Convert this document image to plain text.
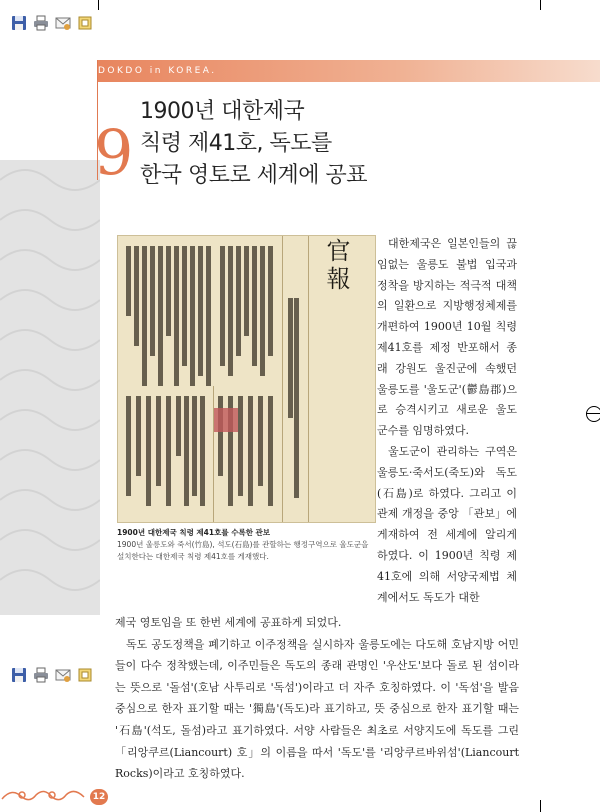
DOKDO in KOREA.
9
1900년 대한제국
칙령 제41호, 독도를
한국 영토로 세계에 공표
官報
1900년 대한제국 칙령 제41호를 수록한 관보
1900년 울릉도와 죽서(竹島), 석도(石島)를 관할하는 행정구역으로 울도군을
설치한다는 대한제국 칙령 제41호를 게재했다.
대한제국은 일본인들의 끊임없는 울릉도 불법 입국과 정착을 방지하는 적극적 대책의 일환으로 지방행정체제를 개편하여 1900년 10월 칙령 제41호를 제정 반포해서 종래 강원도 울진군에 속했던 울릉도를 '울도군'(鬱島郡)으로 승격시키고 새로운 울도 군수를 임명하였다.
울도군이 관리하는 구역은 울릉도·죽서도(죽도)와 독도(石島)로 하였다. 그리고 이 관제 개정을 중앙 「관보」에 게재하여 전 세계에 알리게 하였다. 이 1900년 칙령 제41호에 의해 서양국제법 체계에서도 독도가 대한
제국 영토임을 또 한번 세계에 공표하게 되었다.
독도 공도정책을 폐기하고 이주정책을 실시하자 울릉도에는 다도해 호남지방 어민들이 다수 정착했는데, 이주민들은 독도의 종래 관명인 '우산도'보다 돌로 된 섬이라는 뜻으로 '돌섬'(호남 사투리로 '독섬')이라고 더 자주 호칭하였다. 이 '독섬'을 발음 중심으로 한자 표기할 때는 '獨島'(독도)라 표기하고, 뜻 중심으로 한자 표기할 때는 '石島'(석도, 돌섬)라고 표기하였다. 서양 사람들은 최초로 서양지도에 독도를 그린 「리앙쿠르(Liancourt) 호」의 이름을 따서 '독도'를 '리앙쿠르바위섬'(Liancourt Rocks)이라고 호칭하였다.
12
